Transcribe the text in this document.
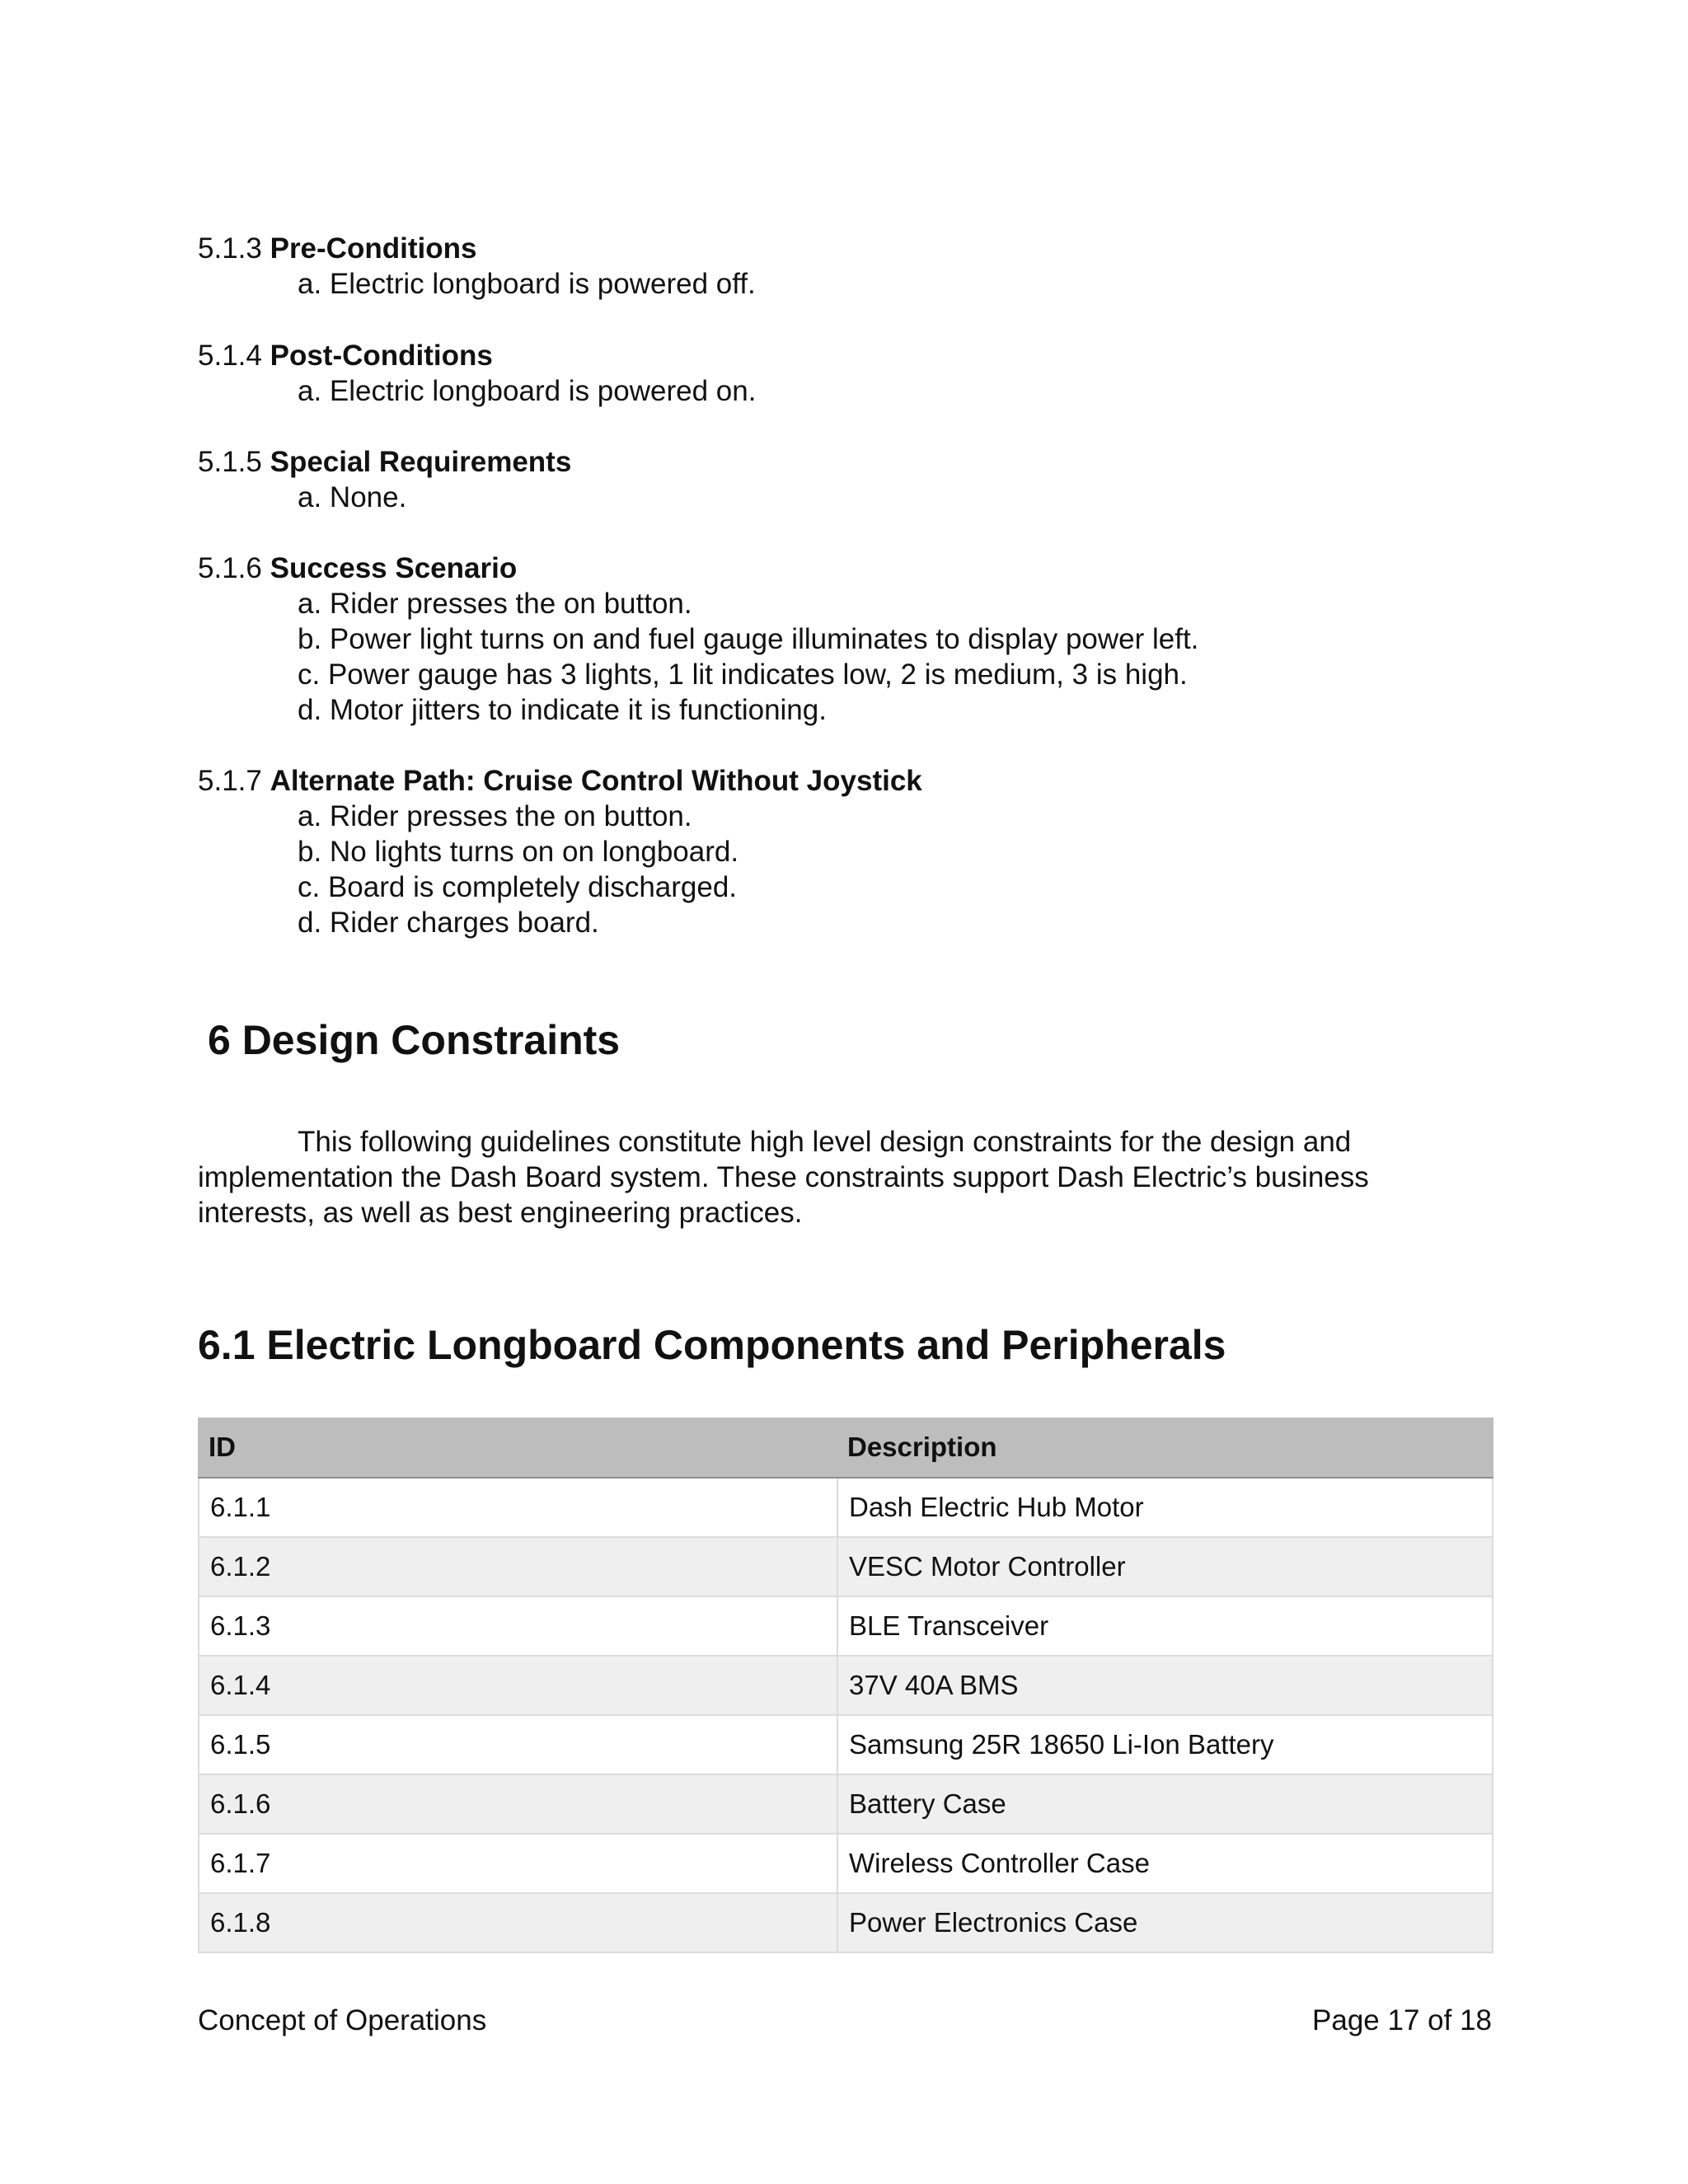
5.1.3 Pre-Conditions
a. Electric longboard is powered off.
5.1.4 Post-Conditions
a. Electric longboard is powered on.
5.1.5 Special Requirements
a. None.
5.1.6 Success Scenario
a. Rider presses the on button.
b. Power light turns on and fuel gauge illuminates to display power left.
c. Power gauge has 3 lights, 1 lit indicates low, 2 is medium, 3 is high.
d. Motor jitters to indicate it is functioning.
5.1.7 Alternate Path: Cruise Control Without Joystick
a. Rider presses the on button.
b. No lights turns on on longboard.
c. Board is completely discharged.
d. Rider charges board.
6 Design Constraints
This following guidelines constitute high level design constraints for the design and
implementation the Dash Board system. These constraints support Dash Electric’s business
interests, as well as best engineering practices.
6.1 Electric Longboard Components and Peripherals
ID	Description
6.1.1	Dash Electric Hub Motor
6.1.2	VESC Motor Controller
6.1.3	BLE Transceiver
6.1.4	37V 40A BMS
6.1.5	Samsung 25R 18650 Li-Ion Battery
6.1.6	Battery Case
6.1.7	Wireless Controller Case
6.1.8	Power Electronics Case
Concept of Operations	Page 17 of 18
